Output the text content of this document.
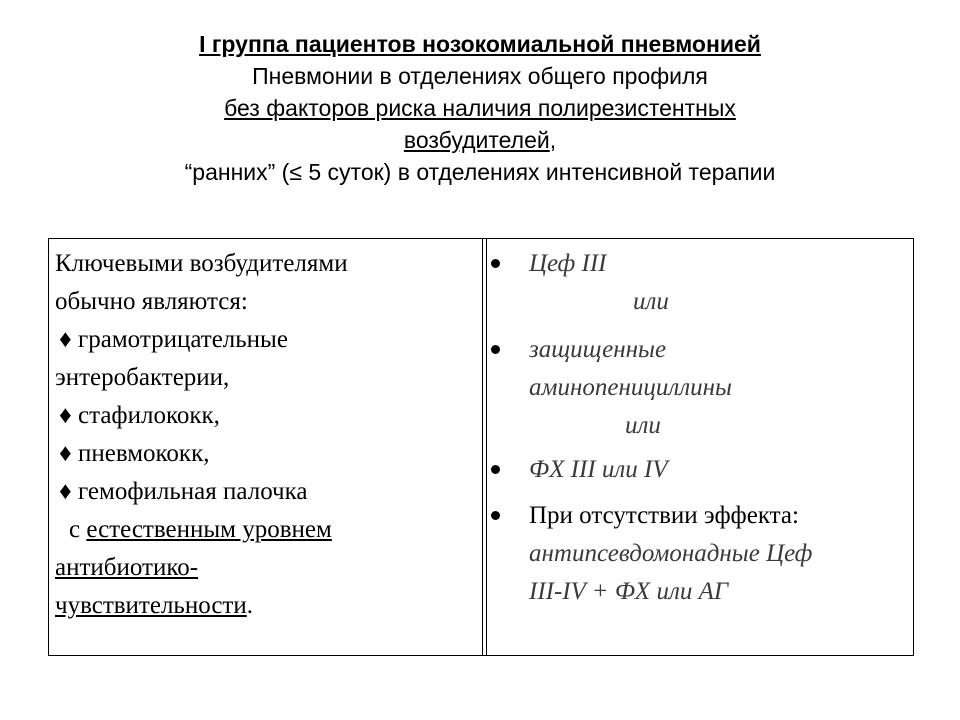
I группа пациентов нозокомиальной пневмонией
Пневмонии в отделениях общего профиля
без факторов риска наличия полирезистентных
возбудителей,
“ранних” (≤ 5 суток) в отделениях интенсивной терапии
Ключевыми возбудителями
обычно являются:
♦ грамотрицательные
энтеробактерии,
♦ стафилококк,
♦ пневмококк,
♦ гемофильная палочка
с естественным уровнем
антибиотико-
чувствительности.
Цеф III
или
защищенные
аминопенициллины
или
ФХ III или IV
При отсутствии эффекта:
антипсевдомонадные Цеф
III-IV + ФХ или АГ
